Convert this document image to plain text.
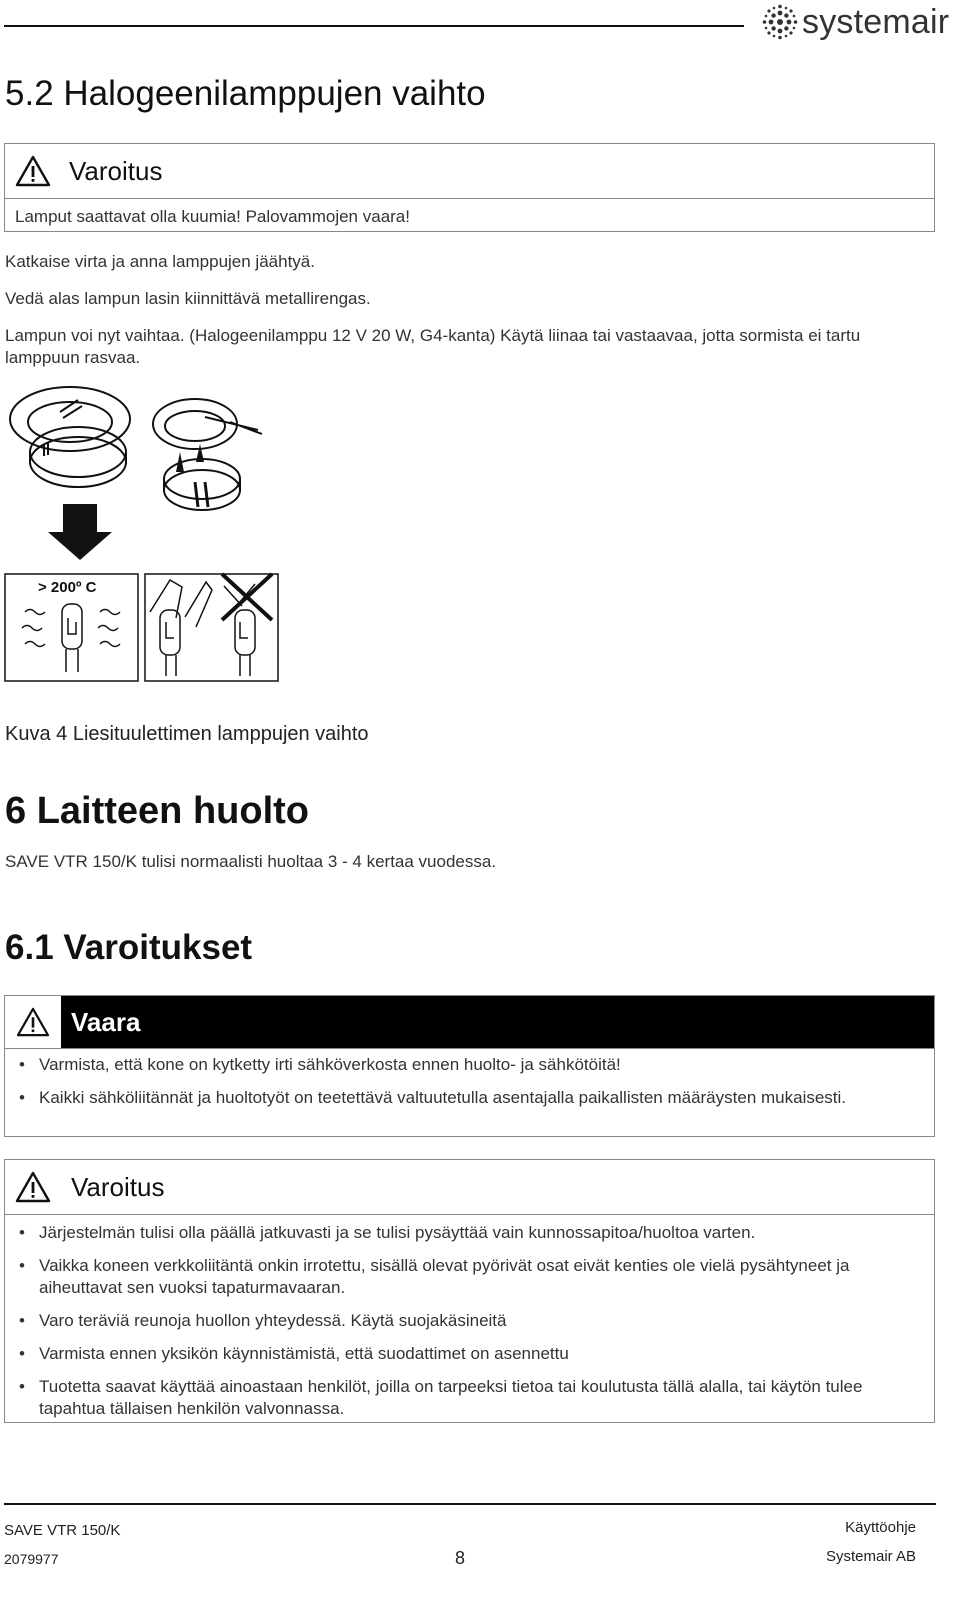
systemair
5.2 Halogeenilamppujen vaihto
Varoitus
Lamput saattavat olla kuumia! Palovammojen vaara!

Katkaise virta ja anna lamppujen jäähtyä.

Vedä alas lampun lasin kiinnittävä metallirengas.

Lampun voi nyt vaihtaa. (Halogeenilamppu 12 V 20 W, G4-kanta) Käytä liinaa tai vastaavaa, jotta sormista ei tartu lamppuun rasvaa.

> 200º C
Kuva 4 Liesituulettimen lamppujen vaihto
6 Laitteen huolto

SAVE VTR 150/K tulisi normaalisti huoltaa 3 - 4 kertaa vuodessa.

6.1 Varoitukset
Vaara
• Varmista, että kone on kytketty irti sähköverkosta ennen huolto- ja sähkötöitä!
• Kaikki sähköliitännät ja huoltotyöt on teetettävä valtuutetulla asentajalla paikallisten määräysten mukaisesti.
Varoitus
• Järjestelmän tulisi olla päällä jatkuvasti ja se tulisi pysäyttää vain kunnossapitoa/huoltoa varten.
• Vaikka koneen verkkoliitäntä onkin irrotettu, sisällä olevat pyörivät osat eivät kenties ole vielä pysähtyneet ja aiheuttavat sen vuoksi tapaturmavaaran.
• Varo teräviä reunoja huollon yhteydessä. Käytä suojakäsineitä
• Varmista ennen yksikön käynnistämistä, että suodattimet on asennettu
• Tuotetta saavat käyttää ainoastaan henkilöt, joilla on tarpeeksi tietoa tai koulutusta tällä alalla, tai käytön tulee tapahtua tällaisen henkilön valvonnassa.
SAVE VTR 150/K
2079977	8
Käyttöohje
Systemair AB
